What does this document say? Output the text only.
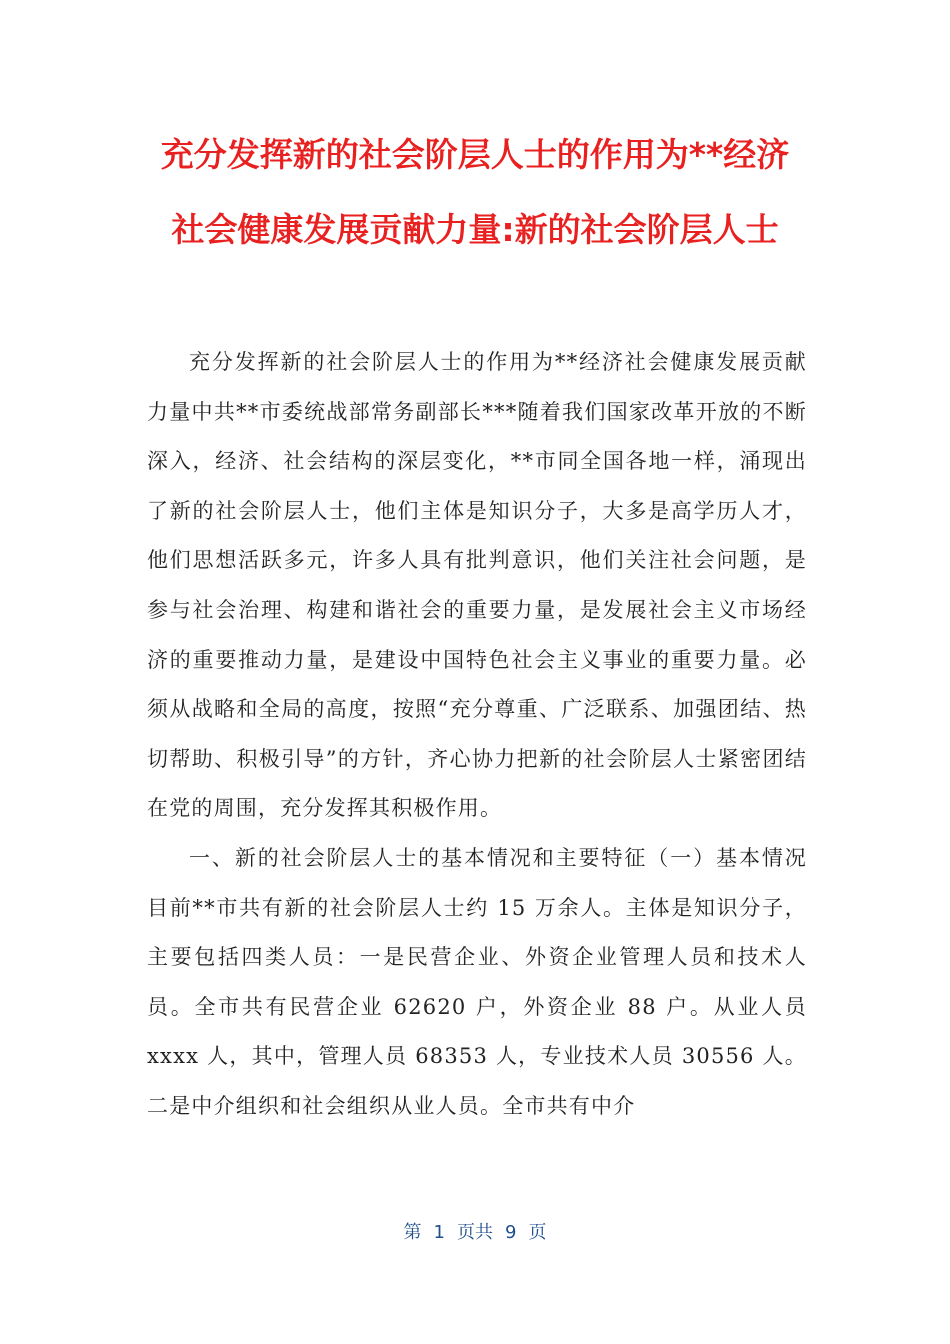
充分发挥新的社会阶层人士的作用为**经济
社会健康发展贡献力量:新的社会阶层人士

充分发挥新的社会阶层人士的作用为**经济社会健康发展贡献力量中共**市委统战部常务副部长***随着我们国家改革开放的不断深入，经济、社会结构的深层变化，**市同全国各地一样，涌现出了新的社会阶层人士，他们主体是知识分子，大多是高学历人才，他们思想活跃多元，许多人具有批判意识，他们关注社会问题，是参与社会治理、构建和谐社会的重要力量，是发展社会主义市场经济的重要推动力量，是建设中国特色社会主义事业的重要力量。必须从战略和全局的高度，按照“充分尊重、广泛联系、加强团结、热切帮助、积极引导”的方针，齐心协力把新的社会阶层人士紧密团结在党的周围，充分发挥其积极作用。

一、新的社会阶层人士的基本情况和主要特征（一）基本情况目前**市共有新的社会阶层人士约 15 万余人。主体是知识分子，主要包括四类人员：一是民营企业、外资企业管理人员和技术人员。全市共有民营企业 62620 户，外资企业 88 户。从业人员 xxxx 人，其中，管理人员 68353 人，专业技术人员 30556 人。二是中介组织和社会组织从业人员。全市共有中介

第 1 页共 9 页
